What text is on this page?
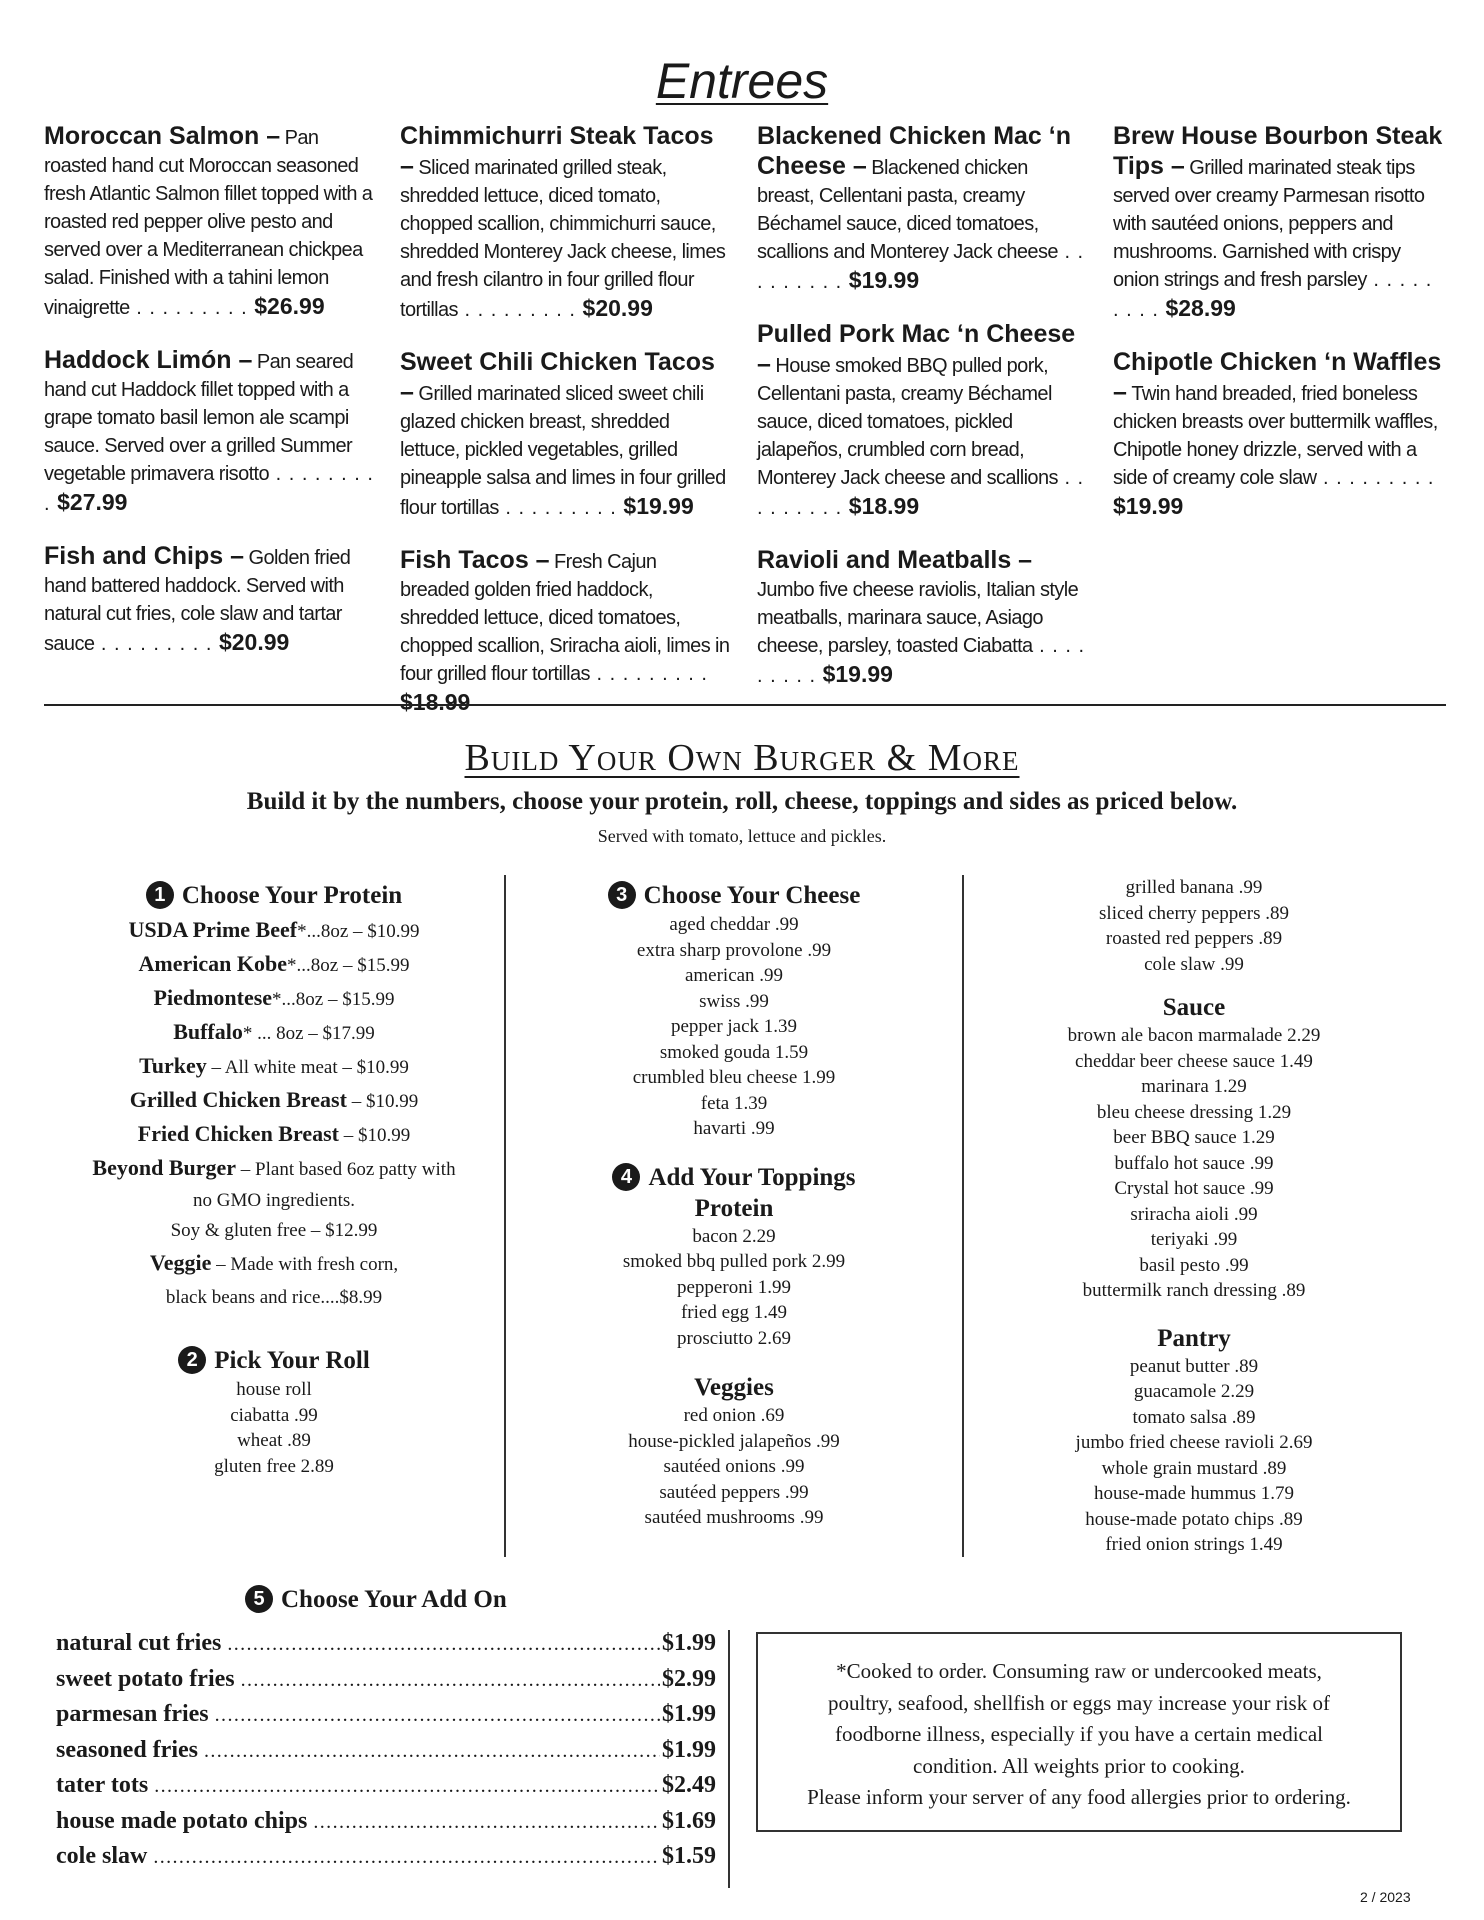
Entrees
Moroccan Salmon – Pan roasted hand cut Moroccan seasoned fresh Atlantic Salmon fillet topped with a roasted red pepper olive pesto and served over a Mediterranean chickpea salad. Finished with a tahini lemon vinaigrette . . . . . . . . . $26.99
Haddock Limón – Pan seared hand cut Haddock fillet topped with a grape tomato basil lemon ale scampi sauce. Served over a grilled Summer vegetable primavera risotto . . . . . . . . . $27.99
Fish and Chips – Golden fried hand battered haddock. Served with natural cut fries, cole slaw and tartar sauce . . . . . . . . . $20.99
Chimmichurri Steak Tacos – Sliced marinated grilled steak, shredded lettuce, diced tomato, chopped scallion, chimmichurri sauce, shredded Monterey Jack cheese, limes and fresh cilantro in four grilled flour tortillas . . . . . . . . . $20.99
Sweet Chili Chicken Tacos – Grilled marinated sliced sweet chili glazed chicken breast, shredded lettuce, pickled vegetables, grilled pineapple salsa and limes in four grilled flour tortillas . . . . . . . . . $19.99
Fish Tacos – Fresh Cajun breaded golden fried haddock, shredded lettuce, diced tomatoes, chopped scallion, Sriracha aioli, limes in four grilled flour tortillas . . . . . . . . . $18.99
Blackened Chicken Mac ‘n Cheese – Blackened chicken breast, Cellentani pasta, creamy Béchamel sauce, diced tomatoes, scallions and Monterey Jack cheese . . . . . . . . . $19.99
Pulled Pork Mac ‘n Cheese – House smoked BBQ pulled pork, Cellentani pasta, creamy Béchamel sauce, diced tomatoes, pickled jalapeños, crumbled corn bread, Monterey Jack cheese and scallions . . . . . . . . . $18.99
Ravioli and Meatballs – Jumbo five cheese raviolis, Italian style meatballs, marinara sauce, Asiago cheese, parsley, toasted Ciabatta . . . . . . . . . $19.99
Brew House Bourbon Steak Tips – Grilled marinated steak tips served over creamy Parmesan risotto with sautéed onions, peppers and mushrooms. Garnished with crispy onion strings and fresh parsley . . . . . . . . . $28.99
Chipotle Chicken ‘n Waffles – Twin hand breaded, fried boneless chicken breasts over buttermilk waffles, Chipotle honey drizzle, served with a side of creamy cole slaw . . . . . . . . . $19.99
Build Your Own Burger & More
Build it by the numbers, choose your protein, roll, cheese, toppings and sides as priced below.
Served with tomato, lettuce and pickles.
1 Choose Your Protein
USDA Prime Beef*...8oz – $10.99
American Kobe*...8oz – $15.99
Piedmontese*...8oz – $15.99
Buffalo* ... 8oz – $17.99
Turkey – All white meat – $10.99
Grilled Chicken Breast – $10.99
Fried Chicken Breast – $10.99
Beyond Burger – Plant based 6oz patty with
no GMO ingredients.
Soy & gluten free – $12.99
Veggie – Made with fresh corn,
black beans and rice....$8.99
2 Pick Your Roll
house roll
ciabatta .99
wheat .89
gluten free 2.89
3 Choose Your Cheese
aged cheddar .99
extra sharp provolone .99
american .99
swiss .99
pepper jack 1.39
smoked gouda 1.59
crumbled bleu cheese 1.99
feta 1.39
havarti .99
4 Add Your Toppings
Protein
bacon 2.29
smoked bbq pulled pork 2.99
pepperoni 1.99
fried egg 1.49
prosciutto 2.69
Veggies
red onion .69
house-pickled jalapeños .99
sautéed onions .99
sautéed peppers .99
sautéed mushrooms .99
grilled banana .99
sliced cherry peppers .89
roasted red peppers .89
cole slaw .99
Sauce
brown ale bacon marmalade 2.29
cheddar beer cheese sauce 1.49
marinara 1.29
bleu cheese dressing 1.29
beer BBQ sauce 1.29
buffalo hot sauce .99
Crystal hot sauce .99
sriracha aioli .99
teriyaki .99
basil pesto .99
buttermilk ranch dressing .89
Pantry
peanut butter .89
guacamole 2.29
tomato salsa .89
jumbo fried cheese ravioli 2.69
whole grain mustard .89
house-made hummus 1.79
house-made potato chips .89
fried onion strings 1.49
5 Choose Your Add On
natural cut fries . . .	$1.99
sweet potato fries . . .	$2.99
parmesan fries . . .	$1.99
seasoned fries . . .	$1.99
tater tots . . .	$2.49
house made potato chips . . .	$1.69
cole slaw . . .	$1.59
*Cooked to order. Consuming raw or undercooked meats,
poultry, seafood, shellfish or eggs may increase your risk of
foodborne illness, especially if you have a certain medical
condition. All weights prior to cooking.
Please inform your server of any food allergies prior to ordering.
2 / 2023
